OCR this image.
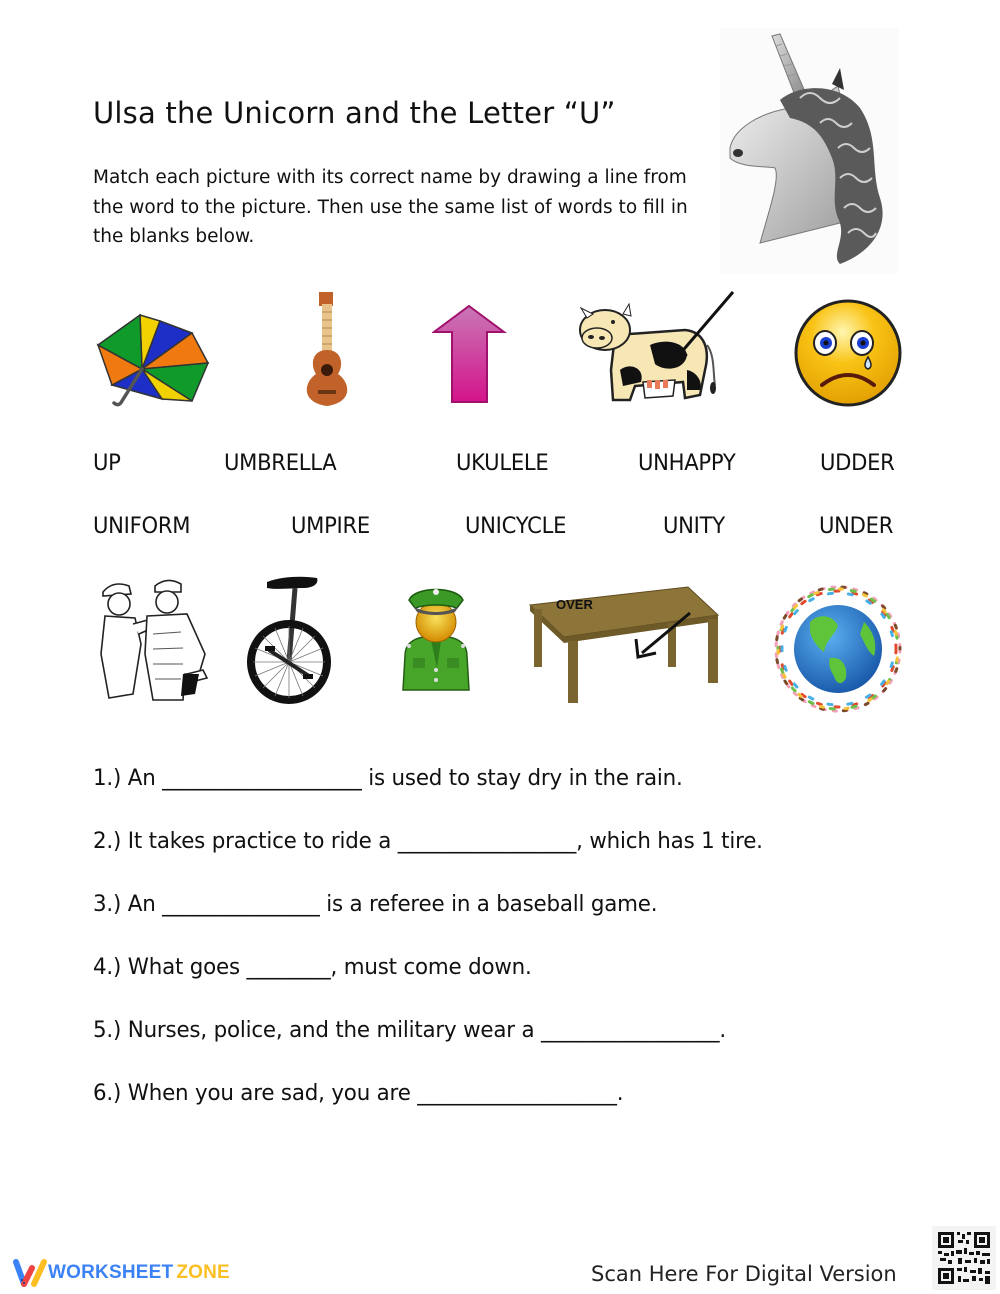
Ulsa the Unicorn and the Letter “U”
Match each picture with its correct name by drawing a line from the word to the picture. Then use the same list of words to fill in the blanks below.
UP	UMBRELLA	UKULELE	UNHAPPY	UDDER
UNIFORM	UMPIRE	UNICYCLE	UNITY	UNDER
OVER
1.) An ___________________ is used to stay dry in the rain.
2.) It takes practice to ride a _________________, which has 1 tire.
3.) An _______________ is a referee in a baseball game.
4.) What goes ________, must come down.
5.) Nurses, police, and the military wear a _________________.
6.) When you are sad, you are ___________________.
WORKSHEET ZONE	Scan Here For Digital Version
